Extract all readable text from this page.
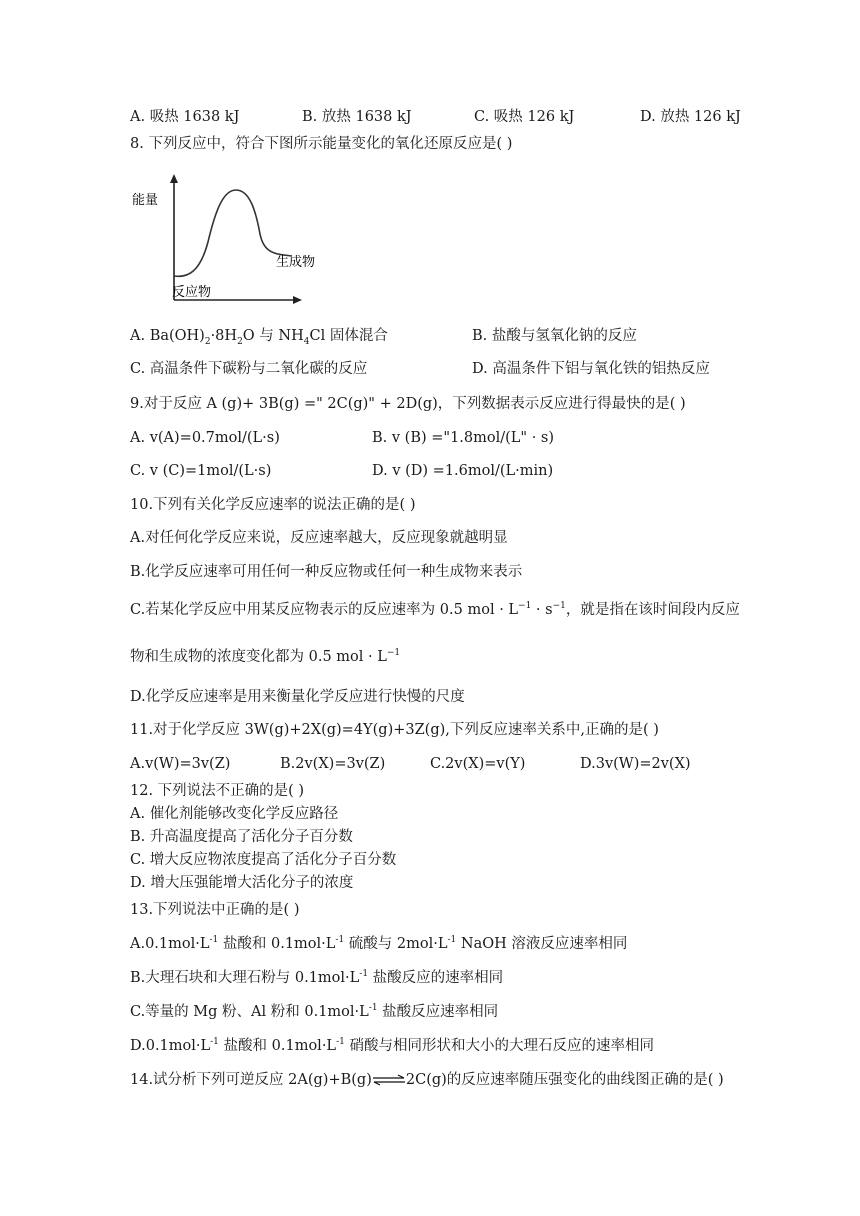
A. 吸热 1638 kJ	B. 放热 1638 kJ	C. 吸热 126 kJ	D. 放热 126 kJ
8. 下列反应中，符合下图所示能量变化的氧化还原反应是( )
能量
反应物
生成物
A. $Ba(OH)_2\cdot 8H_2O$ 与 $NH_4Cl$ 固体混合	B. 盐酸与氢氧化钠的反应
C. 高温条件下碳粉与二氧化碳的反应	D. 高温条件下铝与氧化铁的铝热反应
9.对于反应 A (g)+ 3B(g) =" 2C(g)" + 2D(g)，下列数据表示反应进行得最快的是( )
A. v(A)=0.7mol/(L·s)	B. v (B) ="1.8mol/(L" · s)
C. v (C)=1mol/(L·s)	D. v (D) =1.6mol/(L·min)
10.下列有关化学反应速率的说法正确的是( )
A.对任何化学反应来说，反应速率越大，反应现象就越明显
B.化学反应速率可用任何一种反应物或任何一种生成物来表示
C.若某化学反应中用某反应物表示的反应速率为 0.5 mol · $L^{-1} \cdot s^{-1}$，就是指在该时间段内反应
物和生成物的浓度变化都为 0.5 mol · $L^{-1}$
D.化学反应速率是用来衡量化学反应进行快慢的尺度
11.对于化学反应 3W(g)+2X(g)=4Y(g)+3Z(g),下列反应速率关系中,正确的是( )
A.v(W)=3v(Z)	B.2v(X)=3v(Z)	C.2v(X)=v(Y)	D.3v(W)=2v(X)
12. 下列说法不正确的是( )
A. 催化剂能够改变化学反应路径
B. 升高温度提高了活化分子百分数
C. 增大反应物浓度提高了活化分子百分数
D. 增大压强能增大活化分子的浓度
13.下列说法中正确的是( )
$A.0.1mol\cdot L^{-1}$ 盐酸和 $0.1mol\cdot L^{-1}$ 硫酸与 $2mol\cdot L^{-1}$ NaOH 溶液反应速率相同
B.大理石块和大理石粉与 $0.1mol\cdot L^{-1}$ 盐酸反应的速率相同
C.等量的 Mg 粉、Al 粉和 $0.1mol\cdot L^{-1}$ 盐酸反应速率相同
$D.0.1mol\cdot L^{-1}$ 盐酸和 $0.1mol\cdot L^{-1}$ 硝酸与相同形状和大小的大理石反应的速率相同
14.试分析下列可逆反应 2A(g)+B(g)⇌2C(g)的反应速率随压强变化的曲线图正确的是( )
